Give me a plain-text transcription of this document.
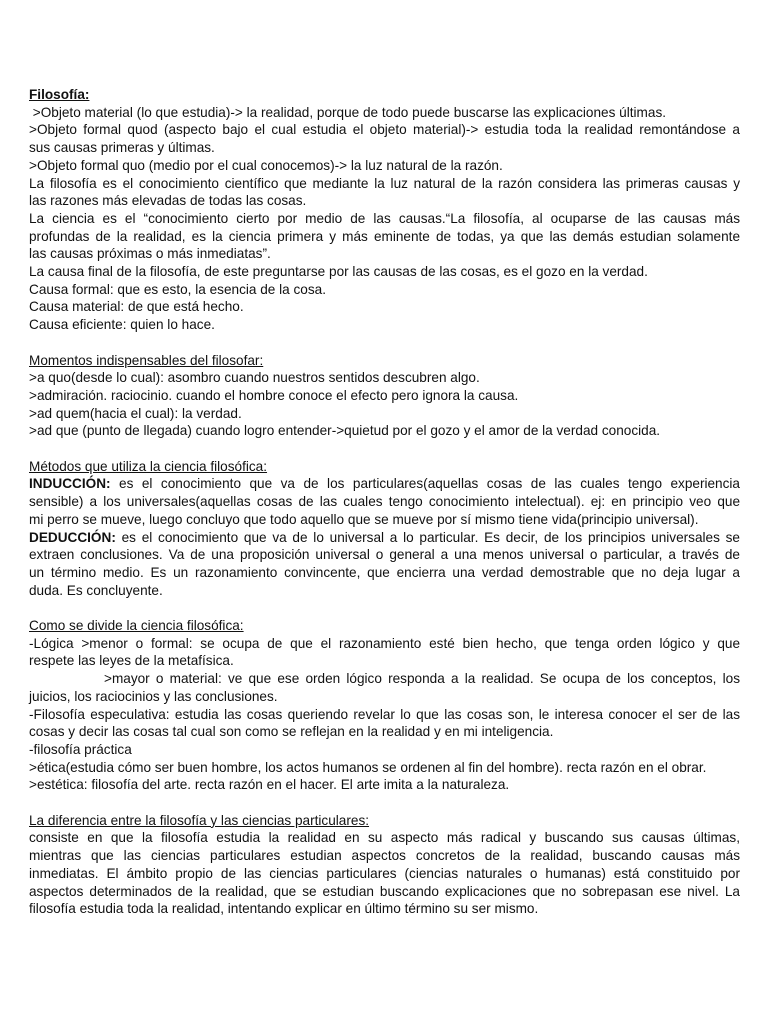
Filosofía:
>Objeto material (lo que estudia)-> la realidad, porque de todo puede buscarse las explicaciones últimas.
>Objeto formal quod (aspecto bajo el cual estudia el objeto material)-> estudia toda la realidad remontándose a
sus causas primeras y últimas.
>Objeto formal quo (medio por el cual conocemos)-> la luz natural de la razón.
La filosofía es el conocimiento científico que mediante la luz natural de la razón considera las primeras causas y
las razones más elevadas de todas las cosas.
La ciencia es el “conocimiento cierto por medio de las causas.“La filosofía, al ocuparse de las causas más
profundas de la realidad, es la ciencia primera y más eminente de todas, ya que las demás estudian solamente
las causas próximas o más inmediatas”.
La causa final de la filosofía, de este preguntarse por las causas de las cosas, es el gozo en la verdad.
Causa formal: que es esto, la esencia de la cosa.
Causa material: de que está hecho.
Causa eficiente: quien lo hace.
Momentos indispensables del filosofar:
>a quo(desde lo cual): asombro cuando nuestros sentidos descubren algo.
>admiración. raciocinio. cuando el hombre conoce el efecto pero ignora la causa.
>ad quem(hacia el cual): la verdad.
>ad que (punto de llegada) cuando logro entender->quietud por el gozo y el amor de la verdad conocida.
Métodos que utiliza la ciencia filosófica:
INDUCCIÓN: es el conocimiento que va de los particulares(aquellas cosas de las cuales tengo experiencia
sensible) a los universales(aquellas cosas de las cuales tengo conocimiento intelectual). ej: en principio veo que
mi perro se mueve, luego concluyo que todo aquello que se mueve por sí mismo tiene vida(principio universal).
DEDUCCIÓN: es el conocimiento que va de lo universal a lo particular. Es decir, de los principios universales se
extraen conclusiones. Va de una proposición universal o general a una menos universal o particular, a través de
un término medio. Es un razonamiento convincente, que encierra una verdad demostrable que no deja lugar a
duda. Es concluyente.
Como se divide la ciencia filosófica:
-Lógica >menor o formal: se ocupa de que el razonamiento esté bien hecho, que tenga orden lógico y que
respete las leyes de la metafísica.
>mayor o material: ve que ese orden lógico responda a la realidad. Se ocupa de los conceptos, los
juicios, los raciocinios y las conclusiones.
-Filosofía especulativa: estudia las cosas queriendo revelar lo que las cosas son, le interesa conocer el ser de las
cosas y decir las cosas tal cual son como se reflejan en la realidad y en mi inteligencia.
-filosofía práctica
>ética(estudia cómo ser buen hombre, los actos humanos se ordenen al fin del hombre). recta razón en el obrar.
>estética: filosofía del arte. recta razón en el hacer. El arte imita a la naturaleza.
La diferencia entre la filosofía y las ciencias particulares:
consiste en que la filosofía estudia la realidad en su aspecto más radical y buscando sus causas últimas,
mientras que las ciencias particulares estudian aspectos concretos de la realidad, buscando causas más
inmediatas. El ámbito propio de las ciencias particulares (ciencias naturales o humanas) está constituido por
aspectos determinados de la realidad, que se estudian buscando explicaciones que no sobrepasan ese nivel. La
filosofía estudia toda la realidad, intentando explicar en último término su ser mismo.
